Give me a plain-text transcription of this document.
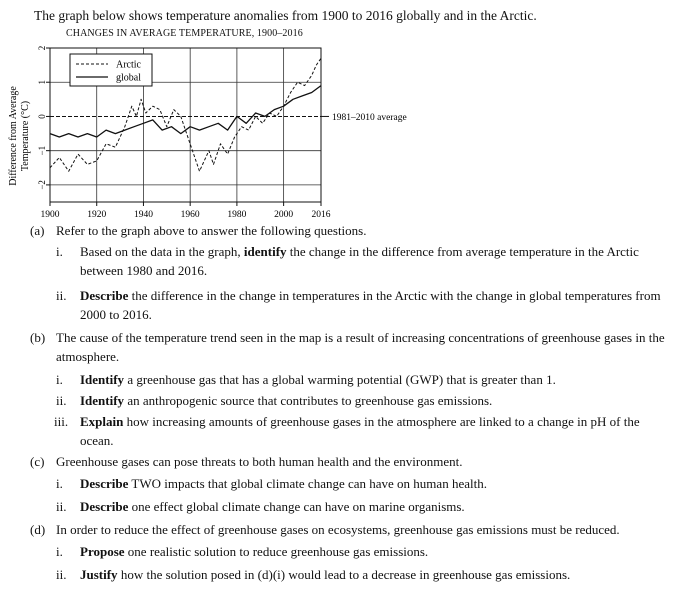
The graph below shows temperature anomalies from 1900 to 2016 globally and in the Arctic.
CHANGES IN AVERAGE TEMPERATURE, 1900–2016
Difference from Average Temperature (°C)	1981–2010 average
2
1
0
−1
−2
1900	1920	1940	1960	1980	2000 2016
Arctic
global
(a) Refer to the graph above to answer the following questions.
i. Based on the data in the graph, identify the change in the difference from average temperature in the Arctic between 1980 and 2016.
ii. Describe the difference in the change in temperatures in the Arctic with the change in global temperatures from 2000 to 2016.
(b) The cause of the temperature trend seen in the map is a result of increasing concentrations of greenhouse gases in the atmosphere.
i. Identify a greenhouse gas that has a global warming potential (GWP) that is greater than 1.
ii. Identify an anthropogenic source that contributes to greenhouse gas emissions.
iii. Explain how increasing amounts of greenhouse gases in the atmosphere are linked to a change in pH of the ocean.
(c) Greenhouse gases can pose threats to both human health and the environment.
i. Describe TWO impacts that global climate change can have on human health.
ii. Describe one effect global climate change can have on marine organisms.
(d) In order to reduce the effect of greenhouse gases on ecosystems, greenhouse gas emissions must be reduced.
i. Propose one realistic solution to reduce greenhouse gas emissions.
ii. Justify how the solution posed in (d)(i) would lead to a decrease in greenhouse gas emissions.
